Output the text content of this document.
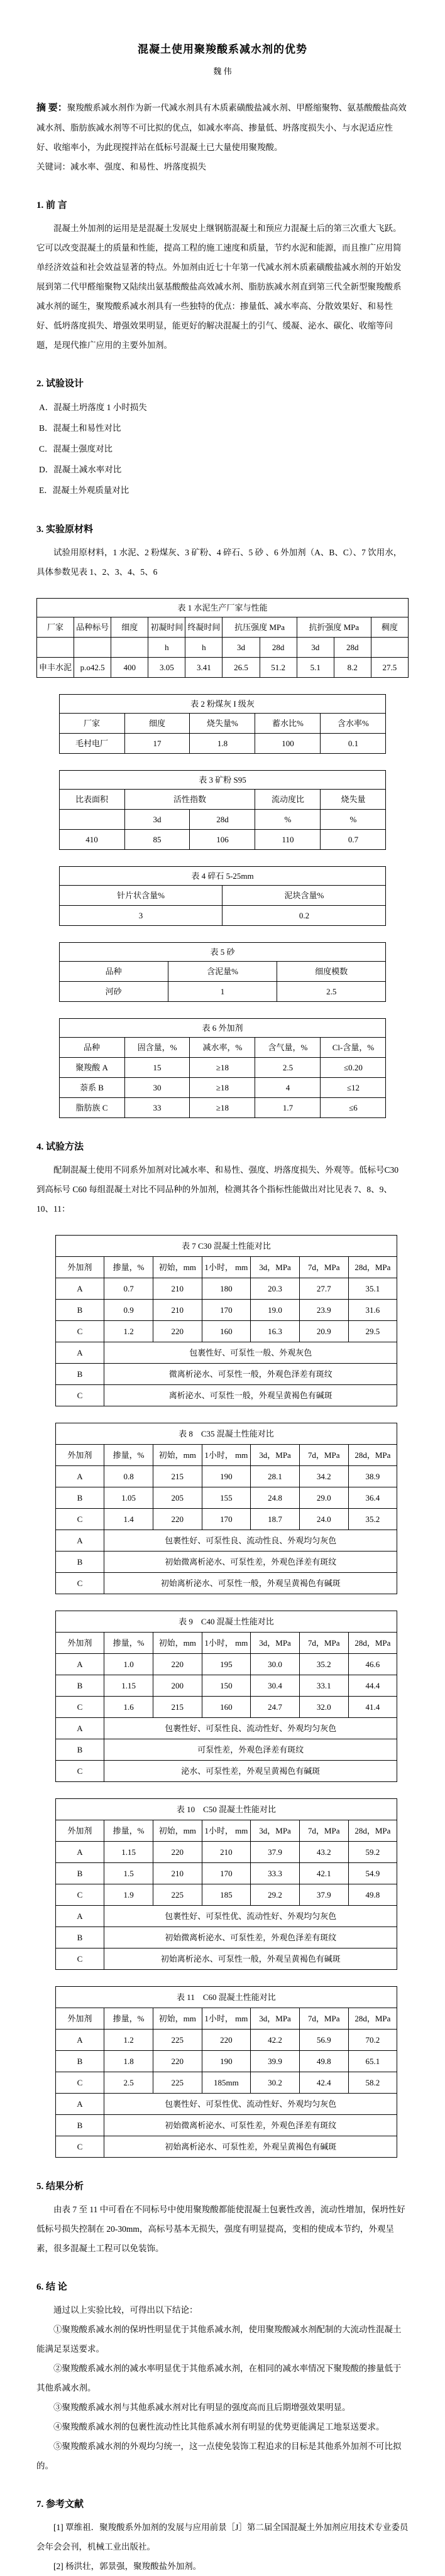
混凝土使用聚羧酸系减水剂的优势
魏 伟

摘 要：聚羧酸系减水剂作为新一代减水剂具有木质素磺酸盐减水剂、甲醛缩聚物、氨基酸酸盐高效减水剂、脂肪族减水剂等不可比拟的优点，如减水率高、掺量低、坍落度损失小、与水泥适应性好、收缩率小，为此现搅拌站在低标号混凝土已大量使用聚羧酸。

关键词：减水率、强度、和易性、坍落度损失

1. 前 言

混凝土外加剂的运用是是混凝土发展史上继钢筋混凝土和预应力混凝土后的第三次重大飞跃。它可以改变混凝土的质量和性能，提高工程的施工速度和质量，节约水泥和能源，而且推广应用简单经济效益和社会效益显著的特点。外加剂由近七十年第一代减水剂木质素磺酸盐减水剂的开始发展到第二代甲醛缩聚物又陆续出氨基酸酸盐高效减水剂、脂肪族减水剂直到第三代全新型聚羧酸系减水剂的诞生，聚羧酸系减水剂具有一些独特的优点：掺量低、减水率高、分散效果好、和易性好、低坍落度损失、增强效果明显，能更好的解决混凝土的引气、缓凝、泌水、碳化、收缩等问题，是现代推广应用的主要外加剂。

2. 试验设计

A．混凝土坍落度 1 小时损失

B．混凝土和易性对比

C．混凝土强度对比

D．混凝土减水率对比

E．混凝土外观质量对比

3. 实验原材料

试验用原材料，1 水泥、2 粉煤灰、3 矿粉、4 碎石、5 砂 、6 外加剂（A、B、C）、7 饮用水，具体参数见表 1、2、3、4、5、6

表 1 水泥生产厂家与性能									
厂家	品种标号	细度	初凝时间	终凝时间	抗压强度 MPa		抗折强度 MPa		稠度
			h	h	3d	28d	3d	28d	
申丰水泥	p.o42.5	400	3.05	3.41	26.5	51.2	5.1	8.2	27.5
表 2 粉煤灰 I 级灰				
厂家	细度	烧失量%	蓄水比%	含水率%
毛村电厂	17	1.8	100	0.1
表 3 矿粉 S95				
比表面积	活性指数		流动度比	烧失量
	3d	28d	%	%
410	85	106	110	0.7
表 4 碎石 5-25mm	
针片状含量%	泥块含量%
3	0.2
表 5 砂		
品种	含泥量%	细度模数
河砂	1	2.5
表 6 外加剂				
品种	固含量，%	减水率，%	含气量，%	Cl-含量，%
聚羧酸 A	15	≥18	2.5	≤0.20
萘系 B	30	≥18	4	≤12
脂肪族 C	33	≥18	1.7	≤6
4. 试验方法

配制混凝土使用不同系外加剂对比减水率、和易性、强度、坍落度损失、外观等。低标号C30 到高标号 C60 每组混凝土对比不同品种的外加剂，检测其各个指标性能做出对比见表 7、8、9、10、11：

表 7 C30 混凝土性能对比						
外加剂	掺量，%	初始，mm	1小时， mm	3d，MPa	7d，MPa	28d，MPa
A	0.7	210	180	20.3	27.7	35.1
B	0.9	210	170	19.0	23.9	31.6
C	1.2	220	160	16.3	20.9	29.5
A	包裹性好、可泵性一般、外观灰色					
B	微离析泌水、可泵性一般，外观色泽差有斑纹					
C	离析泌水、可泵性一般，外观呈黄褐色有碱斑					
表 8　C35 混凝土性能对比						
外加剂	掺量，%	初始，mm	1小时， mm	3d，MPa	7d，MPa	28d，MPa
A	0.8	215	190	28.1	34.2	38.9
B	1.05	205	155	24.8	29.0	36.4
C	1.4	220	170	18.7	24.0	35.2
A	包裹性好、可泵性良、流动性良、外观均匀灰色					
B	初始微离析泌水、可泵性差，外观色泽差有斑纹					
C	初始离析泌水、可泵性一般，外观呈黄褐色有碱斑					
表 9　C40 混凝土性能对比						
外加剂	掺量，%	初始，mm	1小时， mm	3d，MPa	7d，MPa	28d，MPa
A	1.0	220	195	30.0	35.2	46.6
B	1.15	200	150	30.4	33.1	44.4
C	1.6	215	160	24.7	32.0	41.4
A	包裹性好、可泵性良、流动性好、外观均匀灰色					
B	可泵性差，外观色泽差有斑纹					
C	泌水、可泵性差，外观呈黄褐色有碱斑					
表 10　C50 混凝土性能对比						
外加剂	掺量，%	初始，mm	1小时， mm	3d，MPa	7d，MPa	28d，MPa
A	1.15	220	210	37.9	43.2	59.2
B	1.5	210	170	33.3	42.1	54.9
C	1.9	225	185	29.2	37.9	49.8
A	包裹性好、可泵性优、流动性好、外观均匀灰色					
B	初始微离析泌水、可泵性差，外观色泽差有斑纹					
C	初始离析泌水、可泵性一般，外观呈黄褐色有碱斑					
表 11　C60 混凝土性能对比						
外加剂	掺量，%	初始，mm	1小时， mm	3d，MPa	7d，MPa	28d，MPa
A	1.2	225	220	42.2	56.9	70.2
B	1.8	220	190	39.9	49.8	65.1
C	2.5	225	185mm	30.2	42.4	58.2
A	包裹性好、可泵性优、流动性好、外观均匀灰色					
B	初始微离析泌水、可泵性差，外观色泽差有斑纹					
C	初始离析泌水、可泵性差，外观呈黄褐色有碱斑					
5. 结果分析

由表 7 至 11 中可看在不同标号中使用聚羧酸都能使混凝土包裹性改善，流动性增加，保坍性好低标号损失控制在 20-30mm，高标号基本无损失，强度有明显提高，变相的使成本节约，外观呈素，很多混凝土工程可以免装饰。

6. 结 论

通过以上实验比较，可得出以下结论：

①聚羧酸系减水剂的保坍性明显优于其他系减水剂，使用聚羧酸减水剂配制的大流动性混凝土能满足泵送要求。

②聚羧酸系减水剂的减水率明显优于其他系减水剂，在相同的减水率情况下聚羧酸的掺量低于其他系减水剂。

③聚羧酸系减水剂与其他系减水剂对比有明显的强度高而且后期增强效果明显。

④聚羧酸系减水剂的包裹性流动性比其他系减水剂有明显的优势更能满足工地泵送要求。

⑤聚羧酸系减水剂的外观均匀统一，这一点使免装饰工程追求的目标是其他系外加剂不可比拟的。

7. 参考文献

[1] 覃维祖．聚羧酸系外加剂的发展与应用前景［J］第二届全国混凝土外加剂应用技术专业委员会年会会刊，机械工业出版社。

[2] 杨洪壮，郭景强，聚羧酸盐外加剂。
